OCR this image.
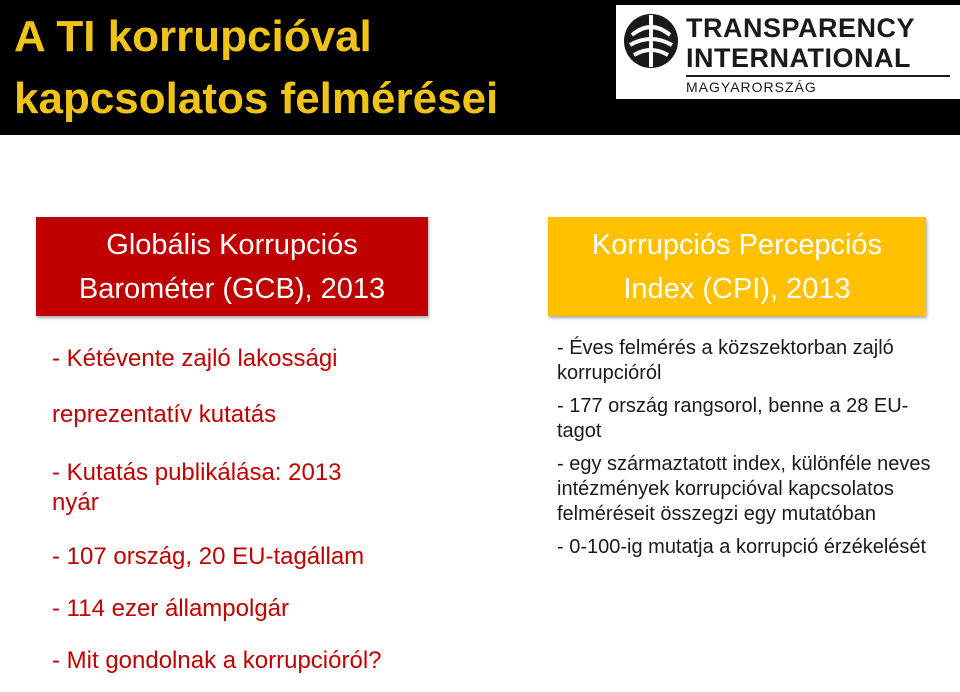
A TI korrupcióval
kapcsolatos felmérései
TRANSPARENCY
INTERNATIONAL
MAGYARORSZÁG
Globális Korrupciós
Barométer (GCB), 2013
Korrupciós Percepciós
Index (CPI), 2013

- Kétévente zajló lakossági

reprezentatív kutatás

- Kutatás publikálása: 2013

nyár

- 107 ország, 20 EU-tagállam

- 114 ezer állampolgár

- Mit gondolnak a korrupcióról?

- Éves felmérés a közszektorban zajló korrupcióról

- 177 ország rangsorol, benne a 28 EU-tagot

- egy származtatott index, különféle neves intézmények korrupcióval kapcsolatos felméréseit összegzi egy mutatóban

- 0-100-ig mutatja a korrupció érzékelését
